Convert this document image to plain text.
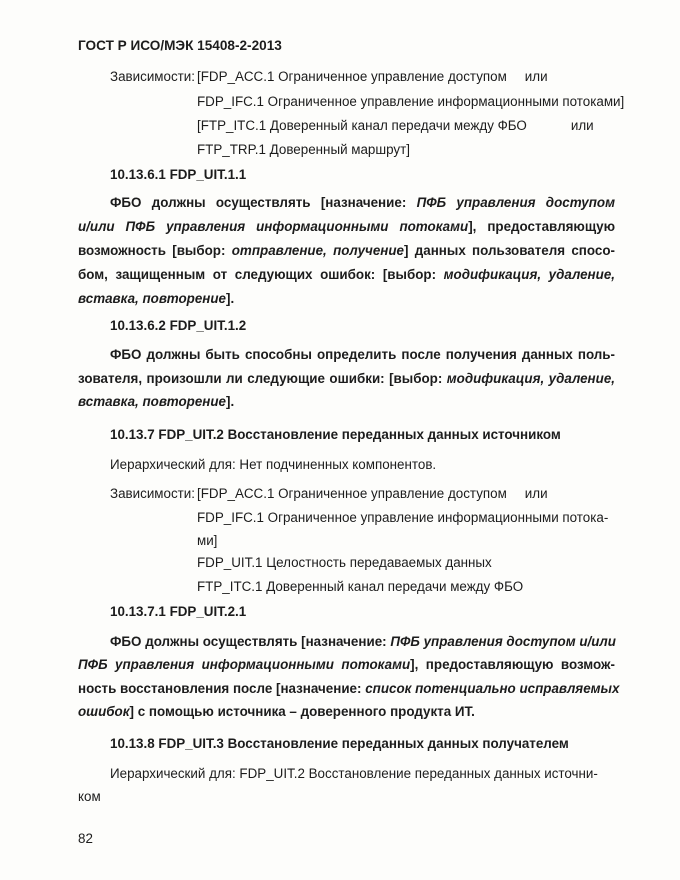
ГОСТ Р ИСО/МЭК 15408-2-2013
Зависимости: [FDP_ACC.1 Ограниченное управление доступом или
FDP_IFC.1 Ограниченное управление информационными потоками]
[FTP_ITC.1 Доверенный канал передачи между ФБО	или
FTP_TRP.1 Доверенный маршрут]
10.13.6.1 FDP_UIT.1.1
ФБО должны осуществлять [назначение: ПФБ управления доступом
и/или ПФБ управления информационными потоками], предоставляющую
возможность [выбор: отправление, получение] данных пользователя спосо-
бом, защищенным от следующих ошибок: [выбор: модификация, удаление,
вставка, повторение].
10.13.6.2 FDP_UIT.1.2
ФБО должны быть способны определить после получения данных поль-
зователя, произошли ли следующие ошибки: [выбор: модификация, удаление,
вставка, повторение].
10.13.7 FDP_UIT.2 Восстановление переданных данных источником
Иерархический для: Нет подчиненных компонентов.
Зависимости: [FDP_ACC.1 Ограниченное управление доступом или
FDP_IFC.1 Ограниченное управление информационными потока-
ми]
FDP_UIT.1 Целостность передаваемых данных
FTP_ITC.1 Доверенный канал передачи между ФБО
10.13.7.1 FDP_UIT.2.1
ФБО должны осуществлять [назначение: ПФБ управления доступом и/или
ПФБ управления информационными потоками], предоставляющую возмож-
ность восстановления после [назначение: список потенциально исправляемых
ошибок] с помощью источника – доверенного продукта ИТ.
10.13.8 FDP_UIT.3 Восстановление переданных данных получателем
Иерархический для: FDP_UIT.2 Восстановление переданных данных источни-
ком
82
